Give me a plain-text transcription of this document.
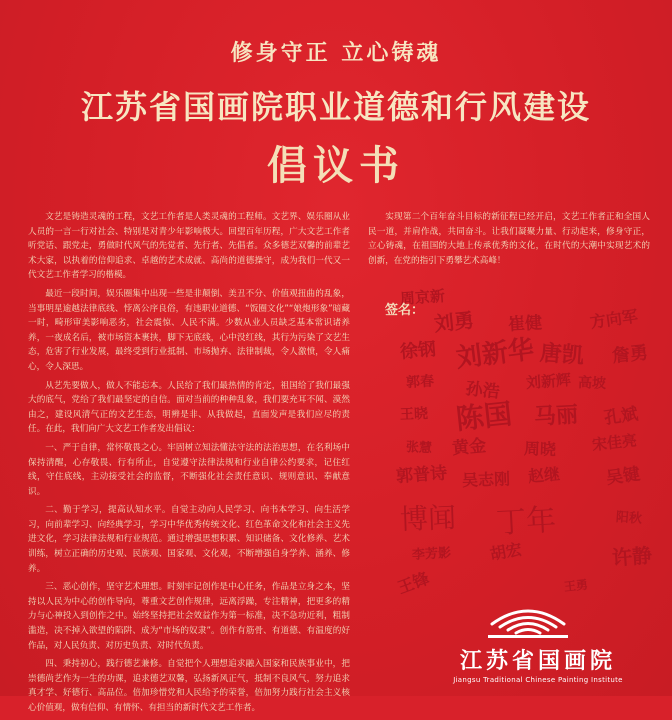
修身守正 立心铸魂
江苏省国画院职业道德和行风建设
倡议书

文艺是铸造灵魂的工程，文艺工作者是人类灵魂的工程师。文艺界、娱乐圈从业人员的一言一行对社会、特别是对青少年影响极大。回望百年历程，广大文艺工作者听党话、跟党走，勇做时代风气的先觉者、先行者、先倡者。众多德艺双馨的前辈艺术大家，以执着的信仰追求、卓越的艺术成就、高尚的道德操守，成为我们一代又一代文艺工作者学习的楷模。

最近一段时间，娱乐圈集中出现一些是非颠倒、美丑不分、价值观扭曲的乱象，当事明星逾越法律底线、悖离公序良俗，有违职业道德、“饭圈文化”“娘炮形象”暗藏一时，畸形审美影响恶劣，社会震惊、人民不满。少数从业人员缺乏基本常识诸养养，一夜成名后，被市场资本裹挟，脚下无底线，心中没红线，其行为污染了文艺生态，危害了行业发展，最终受到行业抵制、市场抛弃、法律制裁，令人激愤，令人痛心，令人深思。

从艺先要做人，做人不能忘本。人民给了我们最热情的肯定，祖国给了我们最强大的底气，党给了我们最坚定的自信。面对当前的种种乱象，我们要充耳不闻、漠然由之，建设风清气正的文艺生态，明辨是非、从我做起，直面发声是我们应尽的责任。在此，我们向广大文艺工作者发出倡议：

一、严于自律，常怀敬畏之心。牢固树立知法懂法守法的法治思想，在名利场中保持清醒，心存敬畏、行有所止，自觉遵守法律法规和行业自律公约要求，记住红线，守住底线，主动接受社会的监督，不断强化社会责任意识、规则意识、奉献意识。

二、勤于学习，提高认知水平。自觉主动向人民学习、向书本学习、向生活学习，向前辈学习、向经典学习，学习中华优秀传统文化、红色革命文化和社会主义先进文化，学习法律法规和行业规范。通过增强思想积累、知识储备、文化修养、艺术训练，树立正确的历史观、民族观、国家观、文化观，不断增强自身学养、涵养、修养。

三、恶心创作，坚守艺术理想。时刻牢记创作是中心任务，作品是立身之本，坚持以人民为中心的创作导向，尊重文艺创作规律，远离浮躁，专注精神，把更多的精力与心神投入到创作之中。始终坚持把社会效益作为第一标准，决不急功近利，粗制滥造，决不掉入欲望的陷阱、成为“市场的奴隶”。创作有筋骨、有道德、有温度的好作品，对人民负责、对历史负责、对时代负责。

四、秉持初心，践行德艺兼修。自觉把个人理想追求融入国家和民族事业中，把崇德尚艺作为一生的功课，追求德艺双馨，弘扬新风正气，抵制不良风气，努力追求真才学、好德行、高品位。倍加珍惜党和人民给予的荣誉，倍加努力践行社会主义核心价值观，做有信仰、有情怀、有担当的新时代文艺工作者。

实现第二个百年奋斗目标的新征程已经开启，文艺工作者正和全国人民一道，并肩作战，共同奋斗。让我们凝聚力量、行动起来，修身守正，立心铸魂，在祖国的大地上传承优秀的文化，在时代的大潮中实现艺术的创新，在党的指引下勇攀艺术高峰！

签名：
周京新
刘勇 崔健	方向军
徐钢 刘新华 唐凯 詹勇
郭春 孙浩 刘新辉 高坡
王晓 陈国 马丽 孔斌
张慧 黄金 周晓 宋佳亮
郭普诗 吴志刚 赵继	吴键
博闻 丁年	阳秋
李芳影 胡宏	许静
王锋	王勇
江苏省国画院
Jiangsu Traditional Chinese Painting Institute
